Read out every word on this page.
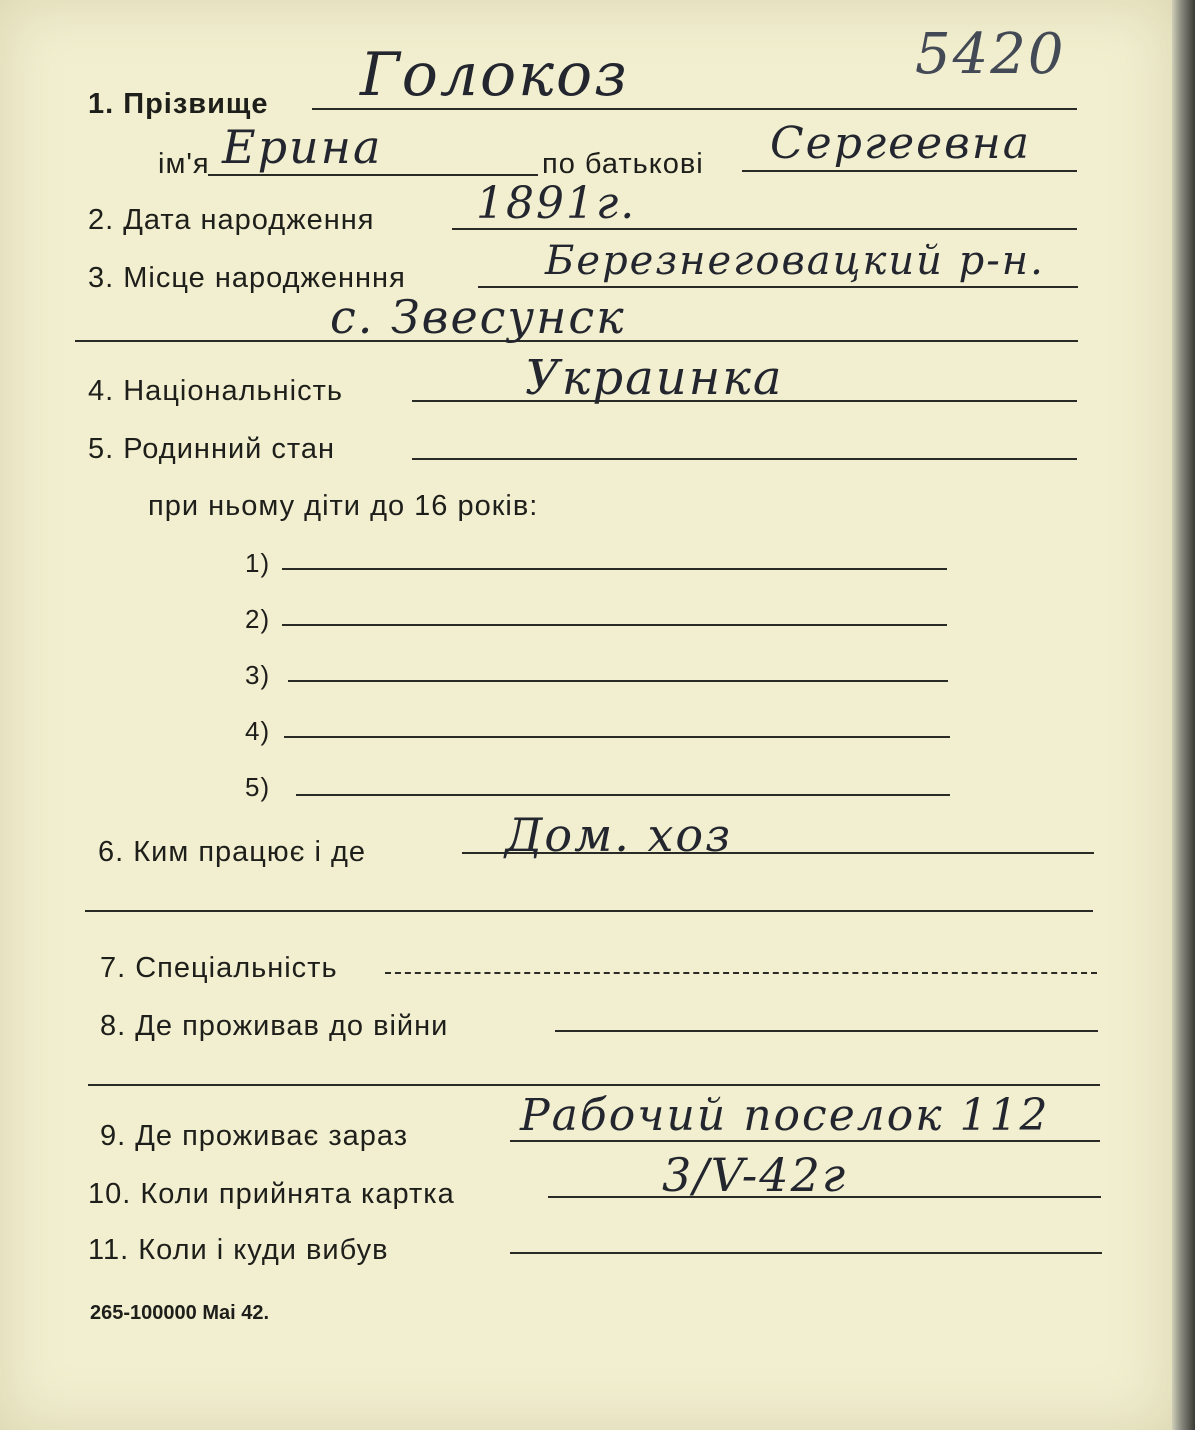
5420
1. Прізвище Голокоз
ім'я Ерина	по батькові Сергеевна
2. Дата народження 1891г.
3. Місце народженння	Березнеговацкий р-н.
с. Звесунск
4. Національність	Украинка
5. Родинний стан
при ньому діти до 16 років:
1)
2)
3)
4)
5)
6. Ким працює і де	Дом. хоз
7. Спеціальність
8. Де проживав до війни
9. Де проживає зараз	Рабочий поселок 112
10. Коли прийнята картка	3/V-42г
11. Коли і куди вибув
265-100000 Mai 42.
